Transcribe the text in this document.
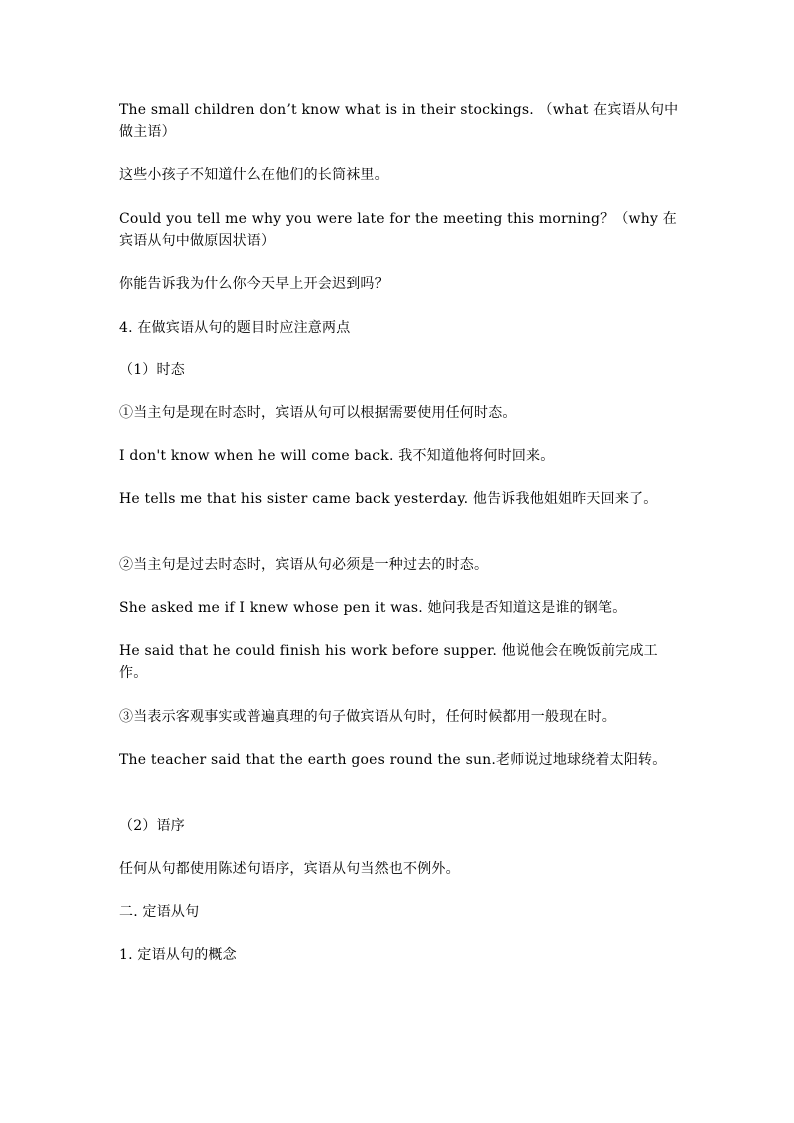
The small children don’t know what is in their stockings. （what 在宾语从句中做主语）

这些小孩子不知道什么在他们的长筒袜里。

Could you tell me why you were late for the meeting this morning？（why 在宾语从句中做原因状语）

你能告诉我为什么你今天早上开会迟到吗？

4. 在做宾语从句的题目时应注意两点

（1）时态

①当主句是现在时态时，宾语从句可以根据需要使用任何时态。

I don't know when he will come back. 我不知道他将何时回来。

He tells me that his sister came back yesterday. 他告诉我他姐姐昨天回来了。

②当主句是过去时态时，宾语从句必须是一种过去的时态。

She asked me if I knew whose pen it was. 她问我是否知道这是谁的钢笔。

He said that he could finish his work before supper. 他说他会在晚饭前完成工作。

③当表示客观事实或普遍真理的句子做宾语从句时，任何时候都用一般现在时。

The teacher said that the earth goes round the sun.老师说过地球绕着太阳转。

（2）语序

任何从句都使用陈述句语序，宾语从句当然也不例外。

二. 定语从句

1. 定语从句的概念
